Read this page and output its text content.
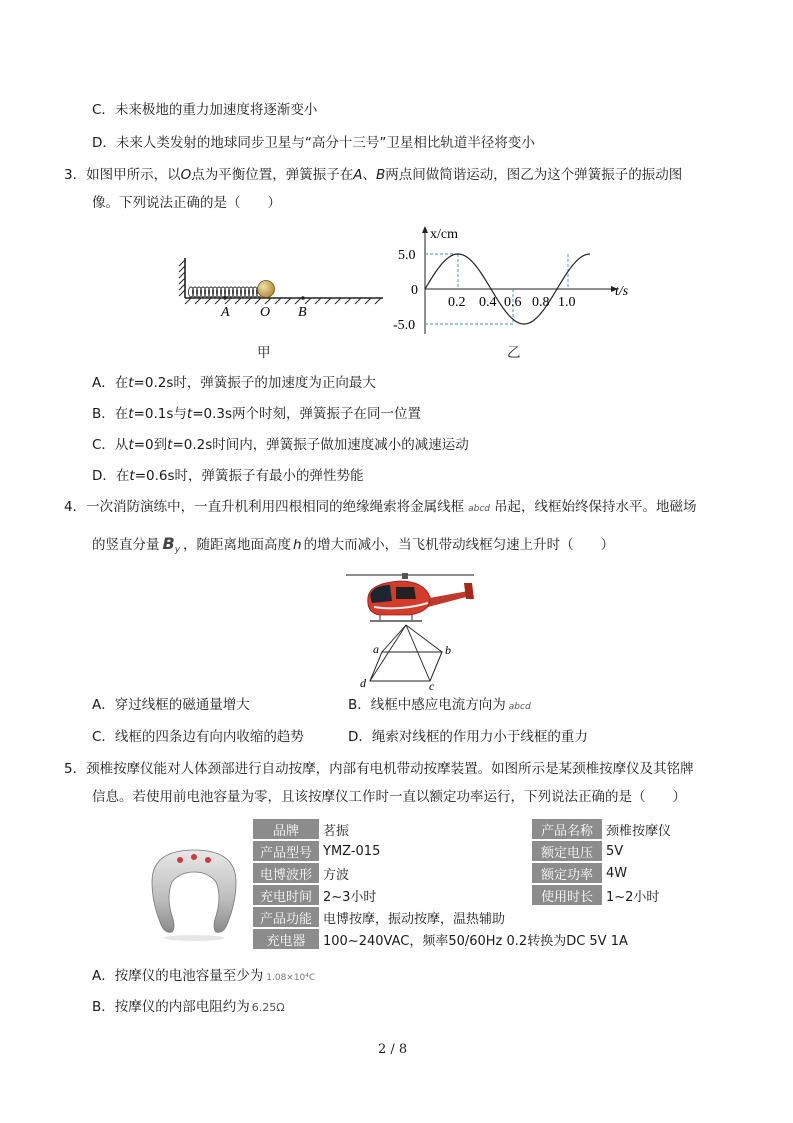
C．未来极地的重力加速度将逐渐变小
D．未来人类发射的地球同步卫星与“高分十三号”卫星相比轨道半径将变小
3．如图甲所示，以O点为平衡位置，弹簧振子在A、B两点间做简谐运动，图乙为这个弹簧振子的振动图
像。下列说法正确的是（　　）
A O B
甲
x/cm
t/s
0
5.0
-5.0
0.2 0.4 0.6 0.8 1.0
乙
A．在t=0.2s时，弹簧振子的加速度为正向最大
B．在t=0.1s与t=0.3s两个时刻，弹簧振子在同一位置
C．从t=0到t=0.2s时间内，弹簧振子做加速度减小的减速运动
D．在t=0.6s时，弹簧振子有最小的弹性势能
4．一次消防演练中，一直升机利用四根相同的绝缘绳索将金属线框 abcd 吊起，线框始终保持水平。地磁场
的竖直分量 $B_y$ ，随距离地面高度 h 的增大而减小，当飞机带动线框匀速上升时（　　）
a	b
c
d
A．穿过线框的磁通量增大	B．线框中感应电流方向为 abcd
C．线框的四条边有向内收缩的趋势	D．绳索对线框的作用力小于线框的重力
5．颈椎按摩仪能对人体颈部进行自动按摩，内部有电机带动按摩装置。如图所示是某颈椎按摩仪及其铭牌
信息。若使用前电池容量为零，且该按摩仪工作时一直以额定功率运行，下列说法正确的是（　　）
品牌	茗振	产品名称	颈椎按摩仪
产品型号	YMZ-015	额定电压	5V
电博波形	方波	额定功率	4W
充电时间	2~3小时	使用时长	1~2小时
产品功能	电博按摩，振动按摩，温热辅助		
充电器	100~240VAC，频率50/60Hz 0.2转换为DC 5V 1A		
A．按摩仪的电池容量至少为 1.08×10⁴C
B．按摩仪的内部电阻约为 6.25Ω
2 / 8
